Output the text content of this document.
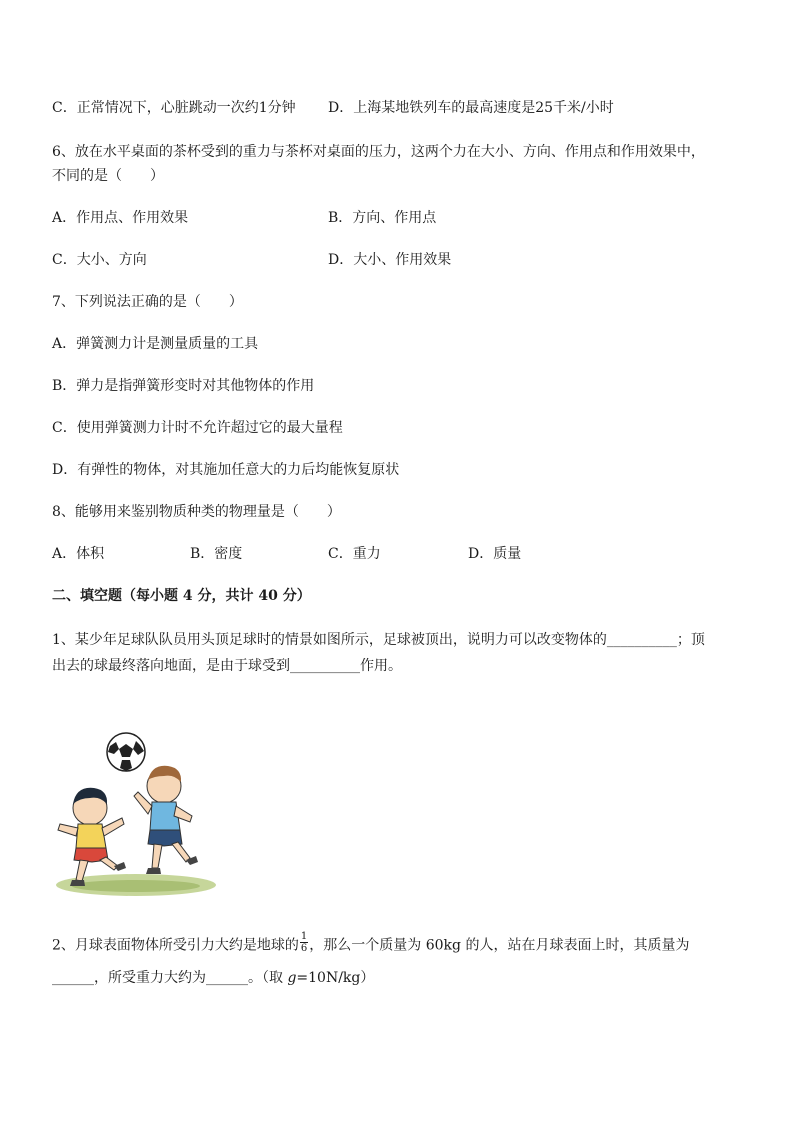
C．正常情况下，心脏跳动一次约1分钟 D．上海某地铁列车的最高速度是25千米/小时
6、放在水平桌面的茶杯受到的重力与茶杯对桌面的压力，这两个力在大小、方向、作用点和作用效果中，
不同的是（　　）
A．作用点、作用效果	B．方向、作用点
C．大小、方向	D．大小、作用效果
7、下列说法正确的是（　　）
A．弹簧测力计是测量质量的工具
B．弹力是指弹簧形变时对其他物体的作用
C．使用弹簧测力计时不允许超过它的最大量程
D．有弹性的物体，对其施加任意大的力后均能恢复原状
8、能够用来鉴别物质种类的物理量是（　　）
A．体积	B．密度	C．重力	D．质量
二、填空题（每小题 4 分，共计 40 分）
1、某少年足球队队员用头顶足球时的情景如图所示，足球被顶出，说明力可以改变物体的__________；顶
出去的球最终落向地面，是由于球受到__________作用。
2、月球表面物体所受引力大约是地球的 $\frac{1}{6}$ ，那么一个质量为 60kg 的人，站在月球表面上时，其质量为
______，所受重力大约为______。（取 g=10N/kg）
